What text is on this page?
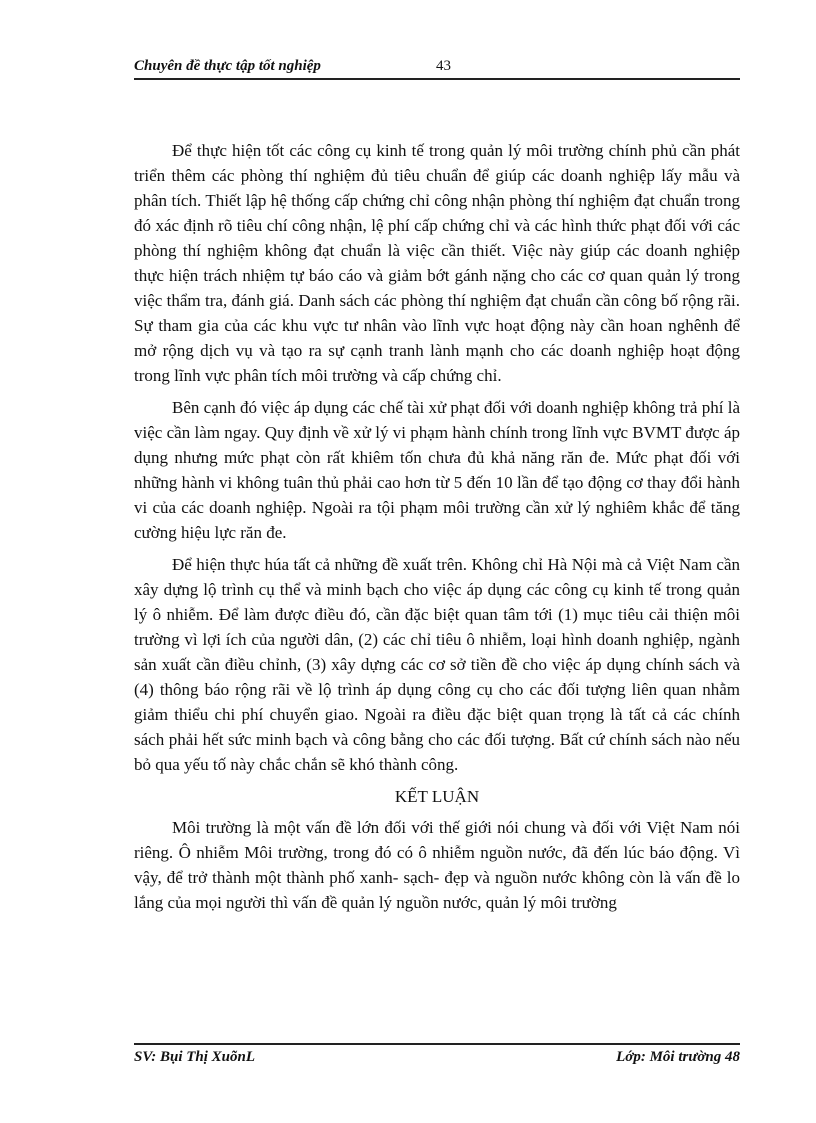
Chuyên đề thực tập tốt nghiệp	43

Để thực hiện tốt các công cụ kinh tế trong quản lý môi trường chính phủ cần phát triển thêm các phòng thí nghiệm đủ tiêu chuẩn để giúp các doanh nghiệp lấy mẫu và phân tích. Thiết lập hệ thống cấp chứng chỉ công nhận phòng thí nghiệm đạt chuẩn trong đó xác định rõ tiêu chí công nhận, lệ phí cấp chứng chỉ và các hình thức phạt đối với các phòng thí nghiệm không đạt chuẩn là việc cần thiết. Việc này giúp các doanh nghiệp thực hiện trách nhiệm tự báo cáo và giảm bớt gánh nặng cho các cơ quan quản lý trong việc thẩm tra, đánh giá. Danh sách các phòng thí nghiệm đạt chuẩn cần công bố rộng rãi. Sự tham gia của các khu vực tư nhân vào lĩnh vực hoạt động này cần hoan nghênh để mở rộng dịch vụ và tạo ra sự cạnh tranh lành mạnh cho các doanh nghiệp hoạt động trong lĩnh vực phân tích môi trường và cấp chứng chỉ.

Bên cạnh đó việc áp dụng các chế tài xử phạt đối với doanh nghiệp không trả phí là việc cần làm ngay. Quy định về xử lý vi phạm hành chính trong lĩnh vực BVMT được áp dụng nhưng mức phạt còn rất khiêm tốn chưa đủ khả năng răn đe. Mức phạt đối với những hành vi không tuân thủ phải cao hơn từ 5 đến 10 lần để tạo động cơ thay đổi hành vi của các doanh nghiệp. Ngoài ra tội phạm môi trường cần xử lý nghiêm khắc để tăng cường hiệu lực răn đe.

Để hiện thực húa tất cả những đề xuất trên. Không chỉ Hà Nội mà cả Việt Nam cần xây dựng lộ trình cụ thể và minh bạch cho việc áp dụng các công cụ kinh tế trong quản lý ô nhiễm. Để làm được điều đó, cần đặc biệt quan tâm tới (1) mục tiêu cải thiện môi trường vì lợi ích của người dân, (2) các chỉ tiêu ô nhiễm, loại hình doanh nghiệp, ngành sản xuất cần điều chỉnh, (3) xây dựng các cơ sở tiền đề cho việc áp dụng chính sách và (4) thông báo rộng rãi về lộ trình áp dụng công cụ cho các đối tượng liên quan nhằm giảm thiểu chi phí chuyển giao. Ngoài ra điều đặc biệt quan trọng là tất cả các chính sách phải hết sức minh bạch và công bằng cho các đối tượng. Bất cứ chính sách nào nếu bỏ qua yếu tố này chắc chắn sẽ khó thành công.

KẾT LUẬN

Môi trường là một vấn đề lớn đối với thế giới nói chung và đối với Việt Nam nói riêng. Ô nhiễm Môi trường, trong đó có ô nhiễm nguồn nước, đã đến lúc báo động. Vì vậy, để trở thành một thành phố xanh- sạch- đẹp và nguồn nước không còn là vấn đề lo lắng của mọi người thì vấn đề quản lý nguồn nước, quản lý môi trường

SV: Bụi Thị XuõnL	Lớp: Môi trường 48
